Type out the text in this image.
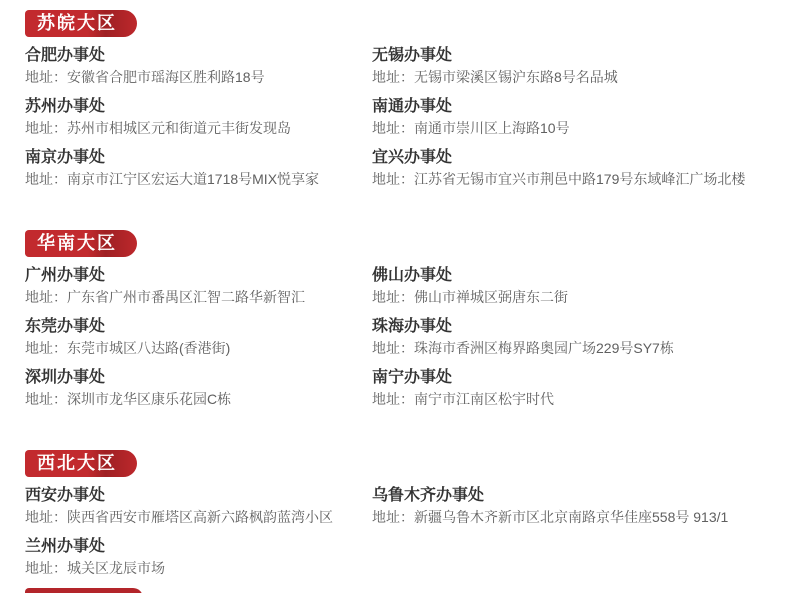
苏皖大区
合肥办事处
地址：安徽省合肥市瑶海区胜利路18号
无锡办事处
地址：无锡市梁溪区锡沪东路8号名品城
苏州办事处
地址：苏州市相城区元和街道元丰街发现岛
南通办事处
地址：南通市崇川区上海路10号
南京办事处
地址：南京市江宁区宏运大道1718号MIX悦享家
宜兴办事处
地址：江苏省无锡市宜兴市荆邑中路179号东域峰汇广场北楼
华南大区
广州办事处
地址：广东省广州市番禺区汇智二路华新智汇
佛山办事处
地址：佛山市禅城区弼唐东二街
东莞办事处
地址：东莞市城区八达路(香港街)
珠海办事处
地址：珠海市香洲区梅界路奥园广场229号SY7栋
深圳办事处
地址：深圳市龙华区康乐花园C栋
南宁办事处
地址：南宁市江南区松宇时代
西北大区
西安办事处
地址：陕西省西安市雁塔区高新六路枫韵蓝湾小区
乌鲁木齐办事处
地址：新疆乌鲁木齐新市区北京南路京华佳座558号 913/1
兰州办事处
地址：城关区龙辰市场
